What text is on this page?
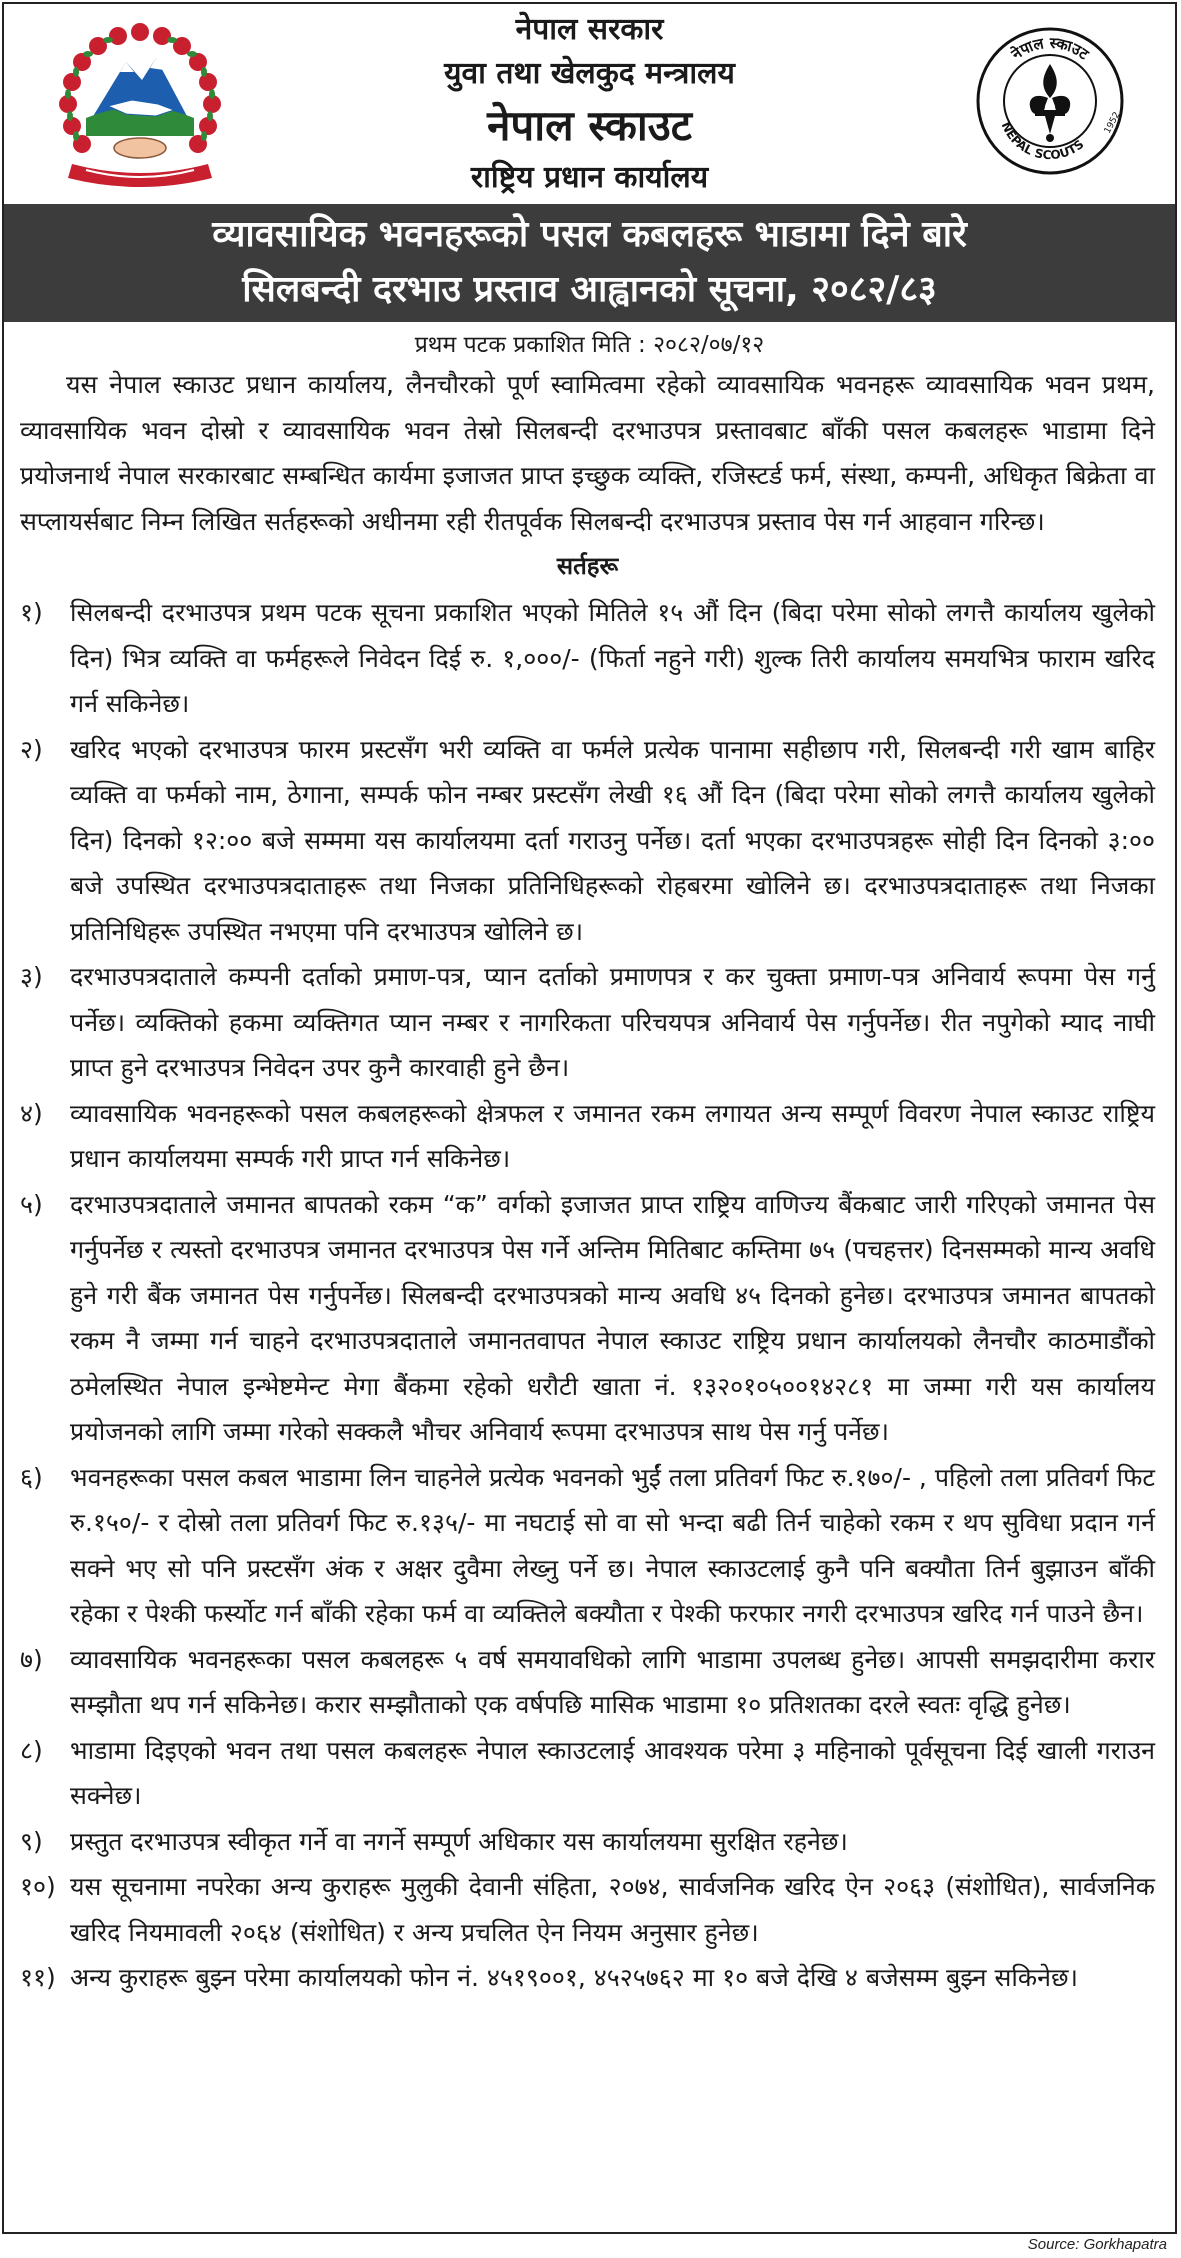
नेपाल सरकार
युवा तथा खेलकुद मन्त्रालय
नेपाल स्काउट
राष्ट्रिय प्रधान कार्यालय
नेपाल स्काउट
NEPAL SCOUTS
1952
व्यावसायिक भवनहरूको पसल कबलहरू भाडामा दिने बारे
सिलबन्दी दरभाउ प्रस्ताव आह्वानको सूचना, २०८२/८३
प्रथम पटक प्रकाशित मिति : २०८२/०७/१२

यस नेपाल स्काउट प्रधान कार्यालय, लैनचौरको पूर्ण स्वामित्वमा रहेको व्यावसायिक भवनहरू व्यावसायिक भवन प्रथम, व्यावसायिक भवन दोस्रो र व्यावसायिक भवन तेस्रो सिलबन्दी दरभाउपत्र प्रस्तावबाट बाँकी पसल कबलहरू भाडामा दिने प्रयोजनार्थ नेपाल सरकारबाट सम्बन्धित कार्यमा इजाजत प्राप्त इच्छुक व्यक्ति, रजिस्टर्ड फर्म, संस्था, कम्पनी, अधिकृत बिक्रेता वा सप्लायर्सबाट निम्न लिखित सर्तहरूको अधीनमा रही रीतपूर्वक सिलबन्दी दरभाउपत्र प्रस्ताव पेस गर्न आहवान गरिन्छ।

सर्तहरू
१)	सिलबन्दी दरभाउपत्र प्रथम पटक सूचना प्रकाशित भएको मितिले १५ औं दिन (बिदा परेमा सोको लगत्तै कार्यालय खुलेको दिन) भित्र व्यक्ति वा फर्महरूले निवेदन दिई रु. १,०००/- (फिर्ता नहुने गरी) शुल्क तिरी कार्यालय समयभित्र फाराम खरिद गर्न सकिनेछ।
२)	खरिद भएको दरभाउपत्र फारम प्रस्टसँग भरी व्यक्ति वा फर्मले प्रत्येक पानामा सहीछाप गरी, सिलबन्दी गरी खाम बाहिर व्यक्ति वा फर्मको नाम, ठेगाना, सम्पर्क फोन नम्बर प्रस्टसँग लेखी १६ औं दिन (बिदा परेमा सोको लगत्तै कार्यालय खुलेको दिन) दिनको १२:०० बजे सम्ममा यस कार्यालयमा दर्ता गराउनु पर्नेछ। दर्ता भएका दरभाउपत्रहरू सोही दिन दिनको ३:०० बजे उपस्थित दरभाउपत्रदाताहरू तथा निजका प्रतिनिधिहरूको रोहबरमा खोलिने छ। दरभाउपत्रदाताहरू तथा निजका प्रतिनिधिहरू उपस्थित नभएमा पनि दरभाउपत्र खोलिने छ।
३)	दरभाउपत्रदाताले कम्पनी दर्ताको प्रमाण-पत्र, प्यान दर्ताको प्रमाणपत्र र कर चुक्ता प्रमाण-पत्र अनिवार्य रूपमा पेस गर्नु पर्नेछ। व्यक्तिको हकमा व्यक्तिगत प्यान नम्बर र नागरिकता परिचयपत्र अनिवार्य पेस गर्नुपर्नेछ। रीत नपुगेको म्याद नाघी प्राप्त हुने दरभाउपत्र निवेदन उपर कुनै कारवाही हुने छैन।
४)	व्यावसायिक भवनहरूको पसल कबलहरूको क्षेत्रफल र जमानत रकम लगायत अन्य सम्पूर्ण विवरण नेपाल स्काउट राष्ट्रिय प्रधान कार्यालयमा सम्पर्क गरी प्राप्त गर्न सकिनेछ।
५)	दरभाउपत्रदाताले जमानत बापतको रकम “क” वर्गको इजाजत प्राप्त राष्ट्रिय वाणिज्य बैंकबाट जारी गरिएको जमानत पेस गर्नुपर्नेछ र त्यस्तो दरभाउपत्र जमानत दरभाउपत्र पेस गर्ने अन्तिम मितिबाट कम्तिमा ७५ (पचहत्तर) दिनसम्मको मान्य अवधि हुने गरी बैंक जमानत पेस गर्नुपर्नेछ। सिलबन्दी दरभाउपत्रको मान्य अवधि ४५ दिनको हुनेछ। दरभाउपत्र जमानत बापतको रकम नै जम्मा गर्न चाहने दरभाउपत्रदाताले जमानतवापत नेपाल स्काउट राष्ट्रिय प्रधान कार्यालयको लैनचौर काठमाडौंको ठमेलस्थित नेपाल इन्भेष्टमेन्ट मेगा बैंकमा रहेको धरौटी खाता नं. १३२०१०५००१४२८१ मा जम्मा गरी यस कार्यालय प्रयोजनको लागि जम्मा गरेको सक्कलै भौचर अनिवार्य रूपमा दरभाउपत्र साथ पेस गर्नु पर्नेछ।
६)	भवनहरूका पसल कबल भाडामा लिन चाहनेले प्रत्येक भवनको भुईं तला प्रतिवर्ग फिट रु.१७०/- , पहिलो तला प्रतिवर्ग फिट रु.१५०/- र दोस्रो तला प्रतिवर्ग फिट रु.१३५/- मा नघटाई सो वा सो भन्दा बढी तिर्न चाहेको रकम र थप सुविधा प्रदान गर्न सक्ने भए सो पनि प्रस्टसँग अंक र अक्षर दुवैमा लेख्नु पर्ने छ। नेपाल स्काउटलाई कुनै पनि बक्यौता तिर्न बुझाउन बाँकी रहेका र पेश्की फर्स्योट गर्न बाँकी रहेका फर्म वा व्यक्तिले बक्यौता र पेश्की फरफार नगरी दरभाउपत्र खरिद गर्न पाउने छैन।
७)	व्यावसायिक भवनहरूका पसल कबलहरू ५ वर्ष समयावधिको लागि भाडामा उपलब्ध हुनेछ। आपसी समझदारीमा करार सम्झौता थप गर्न सकिनेछ। करार सम्झौताको एक वर्षपछि मासिक भाडामा १० प्रतिशतका दरले स्वतः वृद्धि हुनेछ।
८)	भाडामा दिइएको भवन तथा पसल कबलहरू नेपाल स्काउटलाई आवश्यक परेमा ३ महिनाको पूर्वसूचना दिई खाली गराउन सक्नेछ।
९)	प्रस्तुत दरभाउपत्र स्वीकृत गर्ने वा नगर्ने सम्पूर्ण अधिकार यस कार्यालयमा सुरक्षित रहनेछ।
१०) यस सूचनामा नपरेका अन्य कुराहरू मुलुकी देवानी संहिता, २०७४, सार्वजनिक खरिद ऐन २०६३ (संशोधित), सार्वजनिक खरिद नियमावली २०६४ (संशोधित) र अन्य प्रचलित ऐन नियम अनुसार हुनेछ।
११) अन्य कुराहरू बुझ्न परेमा कार्यालयको फोन नं. ४५१९००१, ४५२५७६२ मा १० बजे देखि ४ बजेसम्म बुझ्न सकिनेछ।
Source: Gorkhapatra
